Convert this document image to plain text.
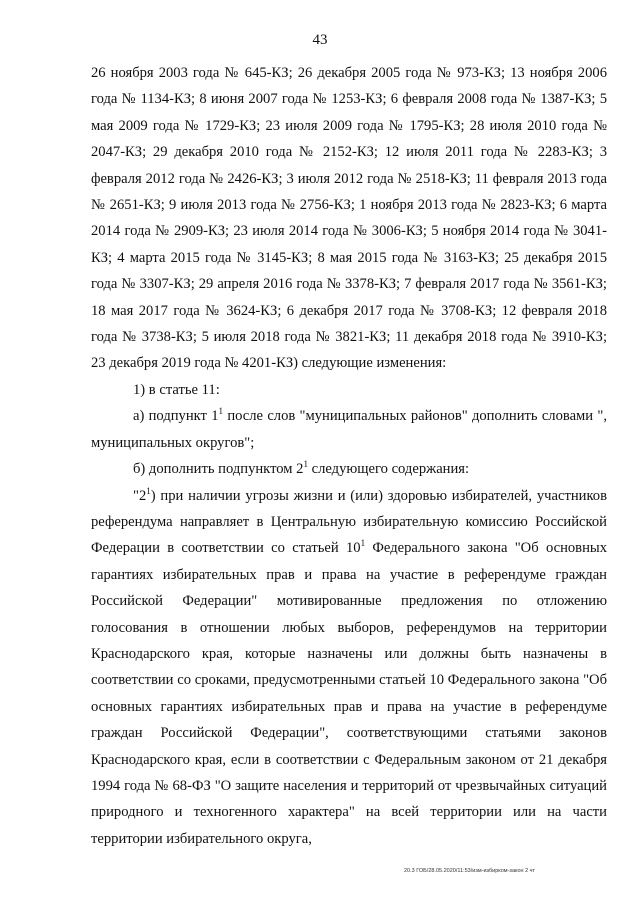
43

26 ноября 2003 года № 645-КЗ; 26 декабря 2005 года № 973-КЗ; 13 ноября 2006 года № 1134-КЗ; 8 июня 2007 года № 1253-КЗ; 6 февраля 2008 года № 1387-КЗ; 5 мая 2009 года № 1729-КЗ; 23 июля 2009 года № 1795-КЗ; 28 июля 2010 года № 2047-КЗ; 29 декабря 2010 года № 2152-КЗ; 12 июля 2011 года № 2283-КЗ; 3 февраля 2012 года № 2426-КЗ; 3 июля 2012 года № 2518-КЗ; 11 февраля 2013 года № 2651-КЗ; 9 июля 2013 года № 2756-КЗ; 1 ноября 2013 года № 2823-КЗ; 6 марта 2014 года № 2909-КЗ; 23 июля 2014 года № 3006-КЗ; 5 ноября 2014 года № 3041-КЗ; 4 марта 2015 года № 3145-КЗ; 8 мая 2015 года № 3163-КЗ; 25 декабря 2015 года № 3307-КЗ; 29 апреля 2016 года № 3378-КЗ; 7 февраля 2017 года № 3561-КЗ; 18 мая 2017 года № 3624-КЗ; 6 декабря 2017 года № 3708-КЗ; 12 февраля 2018 года № 3738-КЗ; 5 июля 2018 года № 3821-КЗ; 11 декабря 2018 года № 3910-КЗ; 23 декабря 2019 года № 4201-КЗ) следующие изменения:

1) в статье 11:

а) подпункт $1^1$ после слов "муниципальных районов" дополнить словами ", муниципальных округов";

б) дополнить подпунктом $2^1$ следующего содержания:

"$2^1$) при наличии угрозы жизни и (или) здоровью избирателей, участников референдума направляет в Центральную избирательную комиссию Российской Федерации в соответствии со статьей $10^1$ Федерального закона "Об основных гарантиях избирательных прав и права на участие в референдуме граждан Российской Федерации" мотивированные предложения по отложению голосования в отношении любых выборов, референдумов на территории Краснодарского края, которые назначены или должны быть назначены в соответствии со сроками, предусмотренными статьей 10 Федерального закона "Об основных гарантиях избирательных прав и права на участие в референдуме граждан Российской Федерации", соответствующими статьями законов Краснодарского края, если в соответствии с Федеральным законом от 21 декабря 1994 года № 68-ФЗ "О защите населения и территорий от чрезвычайных ситуаций природного и техногенного характера" на всей территории или на части территории избирательного округа,

20.3 ГОБ/28.05.2020/11:53/изм-избирком-закон 2 чт
